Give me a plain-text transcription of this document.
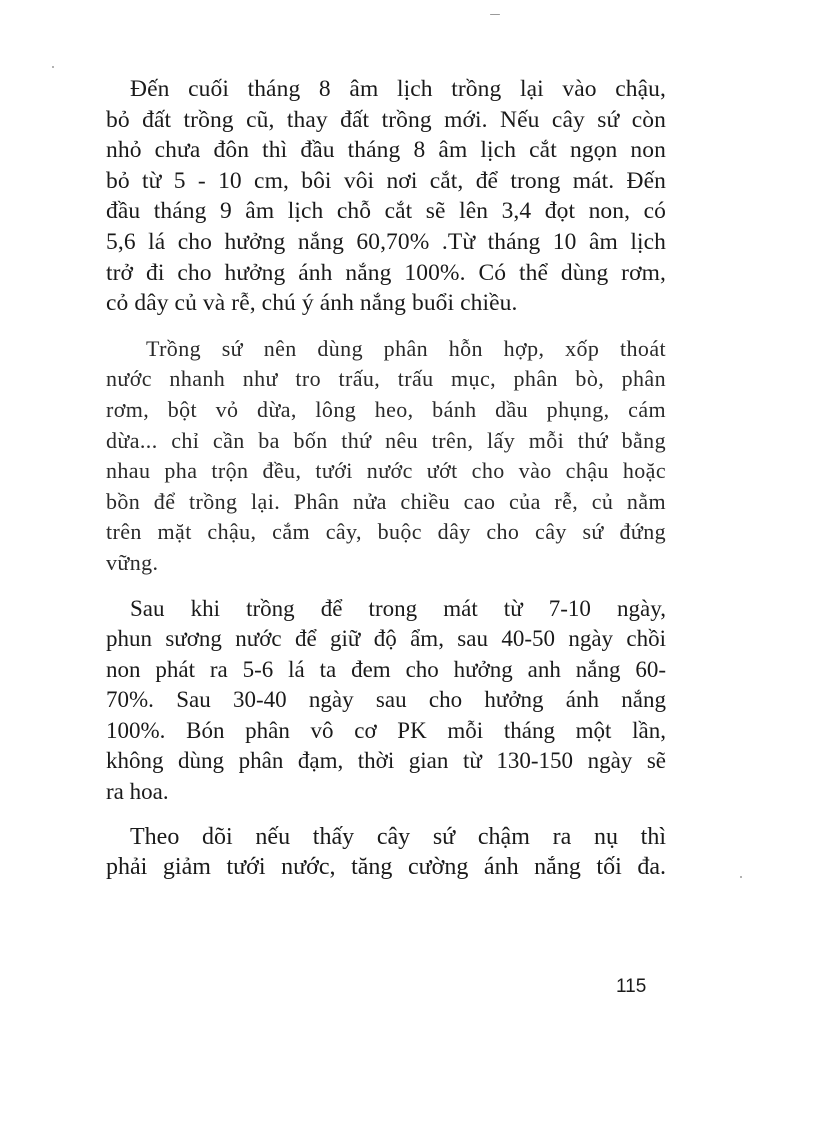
Đến cuối tháng 8 âm lịch trồng lại vào chậu,
bỏ đất trồng cũ, thay đất trồng mới. Nếu cây sứ còn
nhỏ chưa đôn thì đầu tháng 8 âm lịch cắt ngọn non
bỏ từ 5 - 10 cm, bôi vôi nơi cắt, để trong mát. Đến
đầu tháng 9 âm lịch chỗ cắt sẽ lên 3,4 đọt non, có
5,6 lá cho hưởng nắng 60,70% .Từ tháng 10 âm lịch
trở đi cho hưởng ánh nắng 100%. Có thể dùng rơm,
cỏ dây củ và rễ, chú ý ánh nắng buổi chiều.
Trồng sứ nên dùng phân hỗn hợp, xốp thoát
nước nhanh như tro trấu, trấu mục, phân bò, phân
rơm, bột vỏ dừa, lông heo, bánh dầu phụng, cám
dừa... chỉ cần ba bốn thứ nêu trên, lấy mỗi thứ bằng
nhau pha trộn đều, tưới nước ướt cho vào chậu hoặc
bồn để trồng lại. Phân nửa chiều cao của rễ, củ nằm
trên mặt chậu, cắm cây, buộc dây cho cây sứ đứng
vững.
Sau khi trồng để trong mát từ 7-10 ngày,
phun sương nước để giữ độ ẩm, sau 40-50 ngày chồi
non phát ra 5-6 lá ta đem cho hưởng anh nắng 60-
70%. Sau 30-40 ngày sau cho hưởng ánh nắng
100%. Bón phân vô cơ PK mỗi tháng một lần,
không dùng phân đạm, thời gian từ 130-150 ngày sẽ
ra hoa.
Theo dõi nếu thấy cây sứ chậm ra nụ thì
phải giảm tưới nước, tăng cường ánh nắng tối đa.
115
